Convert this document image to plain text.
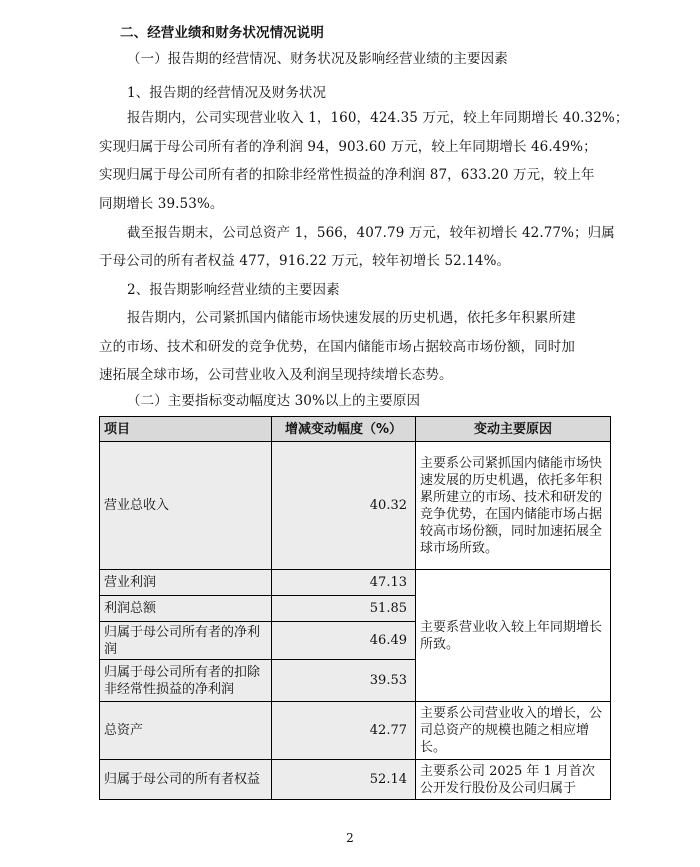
二、经营业绩和财务状况情况说明
（一）报告期的经营情况、财务状况及影响经营业绩的主要因素
1、报告期的经营情况及财务状况
报告期内，公司实现营业收入 1，160，424.35 万元，较上年同期增长 40.32%；
实现归属于母公司所有者的净利润 94，903.60 万元，较上年同期增长 46.49%；
实现归属于母公司所有者的扣除非经常性损益的净利润 87，633.20 万元，较上年
同期增长 39.53%。
截至报告期末，公司总资产 1，566，407.79 万元，较年初增长 42.77%；归属
于母公司的所有者权益 477，916.22 万元，较年初增长 52.14%。
2、报告期影响经营业绩的主要因素
报告期内，公司紧抓国内储能市场快速发展的历史机遇，依托多年积累所建
立的市场、技术和研发的竞争优势，在国内储能市场占据较高市场份额，同时加
速拓展全球市场，公司营业收入及利润呈现持续增长态势。
（二）主要指标变动幅度达 30%以上的主要原因
项目	增减变动幅度（%）	变动主要原因
营业总收入	40.32	主要系公司紧抓国内储能市场快速发展的历史机遇，依托多年积累所建立的市场、技术和研发的竞争优势，在国内储能市场占据较高市场份额，同时加速拓展全球市场所致。
营业利润	47.13	主要系营业收入较上年同期增长所致。
利润总额	51.85	
归属于母公司所有者的净利润	46.49	
归属于母公司所有者的扣除非经常性损益的净利润	39.53	
总资产	42.77	主要系公司营业收入的增长，公司总资产的规模也随之相应增长。
归属于母公司的所有者权益	52.14	主要系公司 2025 年 1 月首次公开发行股份及公司归属于
2
